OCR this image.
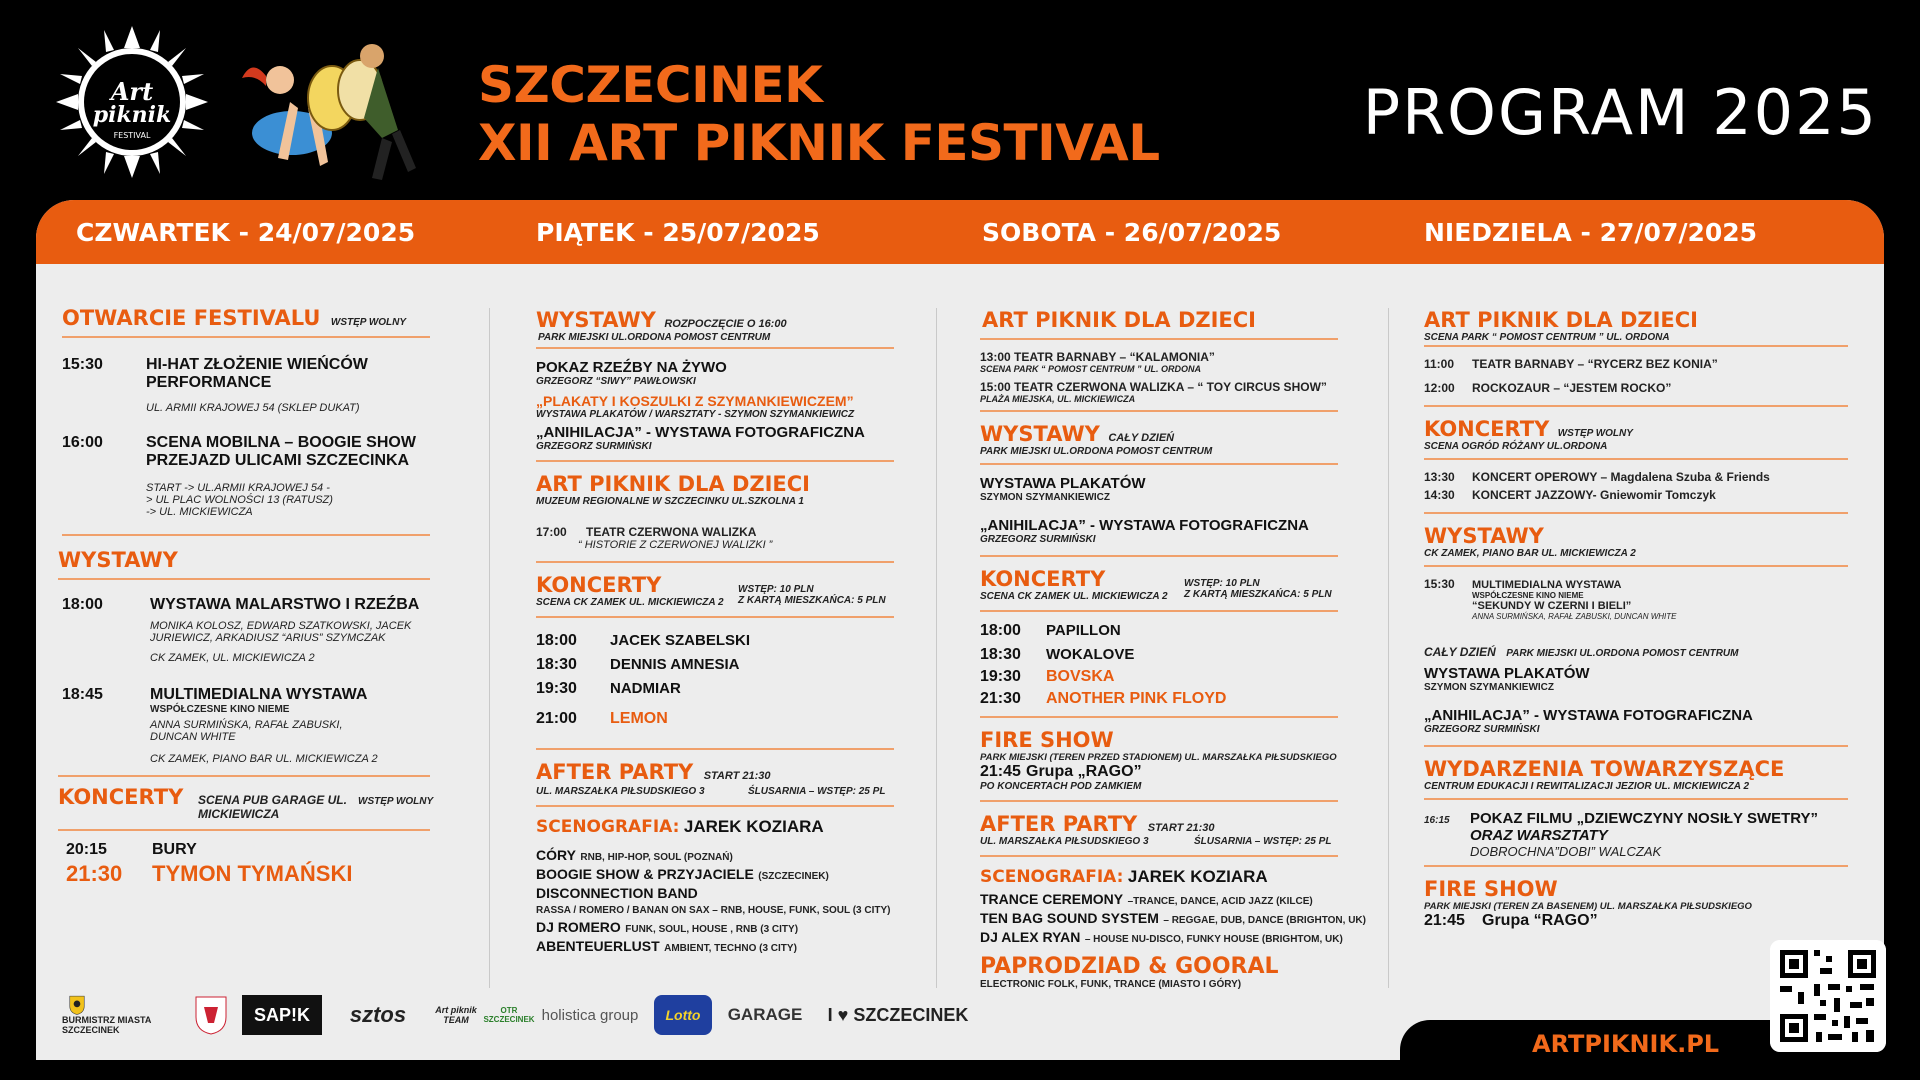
Art
piknik
FESTIVAL
SZCZECINEK
XII ART PIKNIK FESTIVAL	PROGRAM 2025
CZWARTEK - 24/07/2025	PIĄTEK - 25/07/2025	SOBOTA - 26/07/2025	NIEDZIELA - 27/07/2025
OTWARCIE FESTIVALU WSTĘP WOLNY
15:30	HI-HAT ZŁOŻENIE WIEŃCÓW PERFORMANCE
UL. ARMII KRAJOWEJ 54 (SKLEP DUKAT)
16:00	SCENA MOBILNA – BOOGIE SHOW PRZEJAZD ULICAMI SZCZECINKA
START -> UL.ARMII KRAJOWEJ 54 -> UL PLAC WOLNOŚCI 13 (RATUSZ) -> UL. MICKIEWICZA
WYSTAWY
18:00	WYSTAWA MALARSTWO I RZEŹBA
MONIKA KOLOSZ, EDWARD SZATKOWSKI, JACEK JURIEWICZ, ARKADIUSZ “ARIUS” SZYMCZAK
CK ZAMEK, UL. MICKIEWICZA 2
18:45	MULTIMEDIALNA WYSTAWA
WSPÓŁCZESNE KINO NIEME
ANNA SURMIŃSKA, RAFAŁ ZABUSKI, DUNCAN WHITE
CK ZAMEK, PIANO BAR UL. MICKIEWICZA 2
KONCERTY	SCENA PUB GARAGE UL. MICKIEWICZA
WSTĘP WOLNY
20:15	BURY
21:30	TYMON TYMAŃSKI
WYSTAWY ROZPOCZĘCIE O 16:00
PARK MIEJSKI UL.ORDONA POMOST CENTRUM
POKAZ RZEŹBY NA ŻYWO
GRZEGORZ “SIWY” PAWŁOWSKI
„PLAKATY I KOSZULKI Z SZYMANKIEWICZEM”
WYSTAWA PLAKATÓW / WARSZTATY - SZYMON SZYMANKIEWICZ
„ANIHILACJA” - WYSTAWA FOTOGRAFICZNA
GRZEGORZ SURMIŃSKI
ART PIKNIK DLA DZIECI
MUZEUM REGIONALNE W SZCZECINKU UL.SZKOLNA 1
17:00	TEATR CZERWONA WALIZKA
“ HISTORIE Z CZERWONEJ WALIZKI ”
KONCERTY
SCENA CK ZAMEK UL. MICKIEWICZA 2
WSTĘP: 10 PLN
Z KARTĄ MIESZKAŃCA: 5 PLN
18:00	JACEK SZABELSKI
18:30	DENNIS AMNESIA
19:30	NADMIAR
21:00	LEMON
AFTER PARTY START 21:30
UL. MARSZAŁKA PIŁSUDSKIEGO 3	ŚLUSARNIA – WSTĘP: 25 PL
SCENOGRAFIA: JAREK KOZIARA
CÓRY RNB, HIP-HOP, SOUL (POZNAŃ)
BOOGIE SHOW & PRZYJACIELE (SZCZECINEK)
DISCONNECTION BAND
RASSA / ROMERO / BANAN ON SAX – RNB, HOUSE, FUNK, SOUL (3 CITY)
DJ ROMERO FUNK, SOUL, HOUSE , RNB (3 CITY)
ABENTEUERLUST AMBIENT, TECHNO (3 CITY)
ART PIKNIK DLA DZIECI
13:00 TEATR BARNABY – “KALAMONIA”
SCENA PARK “ POMOST CENTRUM ” UL. ORDONA
15:00 TEATR CZERWONA WALIZKA – “ TOY CIRCUS SHOW”
PLAŻA MIEJSKA, UL. MICKIEWICZA
WYSTAWY CAŁY DZIEŃ
PARK MIEJSKI UL.ORDONA POMOST CENTRUM
WYSTAWA PLAKATÓW
SZYMON SZYMANKIEWICZ
„ANIHILACJA” - WYSTAWA FOTOGRAFICZNA
GRZEGORZ SURMIŃSKI
KONCERTY
SCENA CK ZAMEK UL. MICKIEWICZA 2
WSTĘP: 10 PLN
Z KARTĄ MIESZKAŃCA: 5 PLN
18:00	PAPILLON
18:30	WOKALOVE
19:30	BOVSKA
21:30	ANOTHER PINK FLOYD
FIRE SHOW
PARK MIEJSKI (TEREN PRZED STADIONEM) UL. MARSZAŁKA PIŁSUDSKIEGO
21:45 Grupa „RAGO”
PO KONCERTACH POD ZAMKIEM
AFTER PARTY START 21:30
UL. MARSZAŁKA PIŁSUDSKIEGO 3	ŚLUSARNIA – WSTĘP: 25 PL
SCENOGRAFIA: JAREK KOZIARA
TRANCE CEREMONY –TRANCE, DANCE, ACID JAZZ (KILCE)
TEN BAG SOUND SYSTEM – REGGAE, DUB, DANCE (BRIGHTON, UK)
DJ ALEX RYAN – HOUSE NU-DISCO, FUNKY HOUSE (BRIGHTOM, UK)
PAPRODZIAD & GOORAL
ELECTRONIC FOLK, FUNK, TRANCE (MIASTO I GÓRY)
ART PIKNIK DLA DZIECI
SCENA PARK “ POMOST CENTRUM ” UL. ORDONA
11:00	TEATR BARNABY – “RYCERZ BEZ KONIA”
12:00	ROCKOZAUR – “JESTEM ROCKO”
KONCERTY WSTĘP WOLNY
SCENA OGRÓD RÓŻANY UL.ORDONA
13:30	KONCERT OPEROWY – Magdalena Szuba & Friends
14:30	KONCERT JAZZOWY- Gniewomir Tomczyk
WYSTAWY
CK ZAMEK, PIANO BAR UL. MICKIEWICZA 2
15:30	MULTIMEDIALNA WYSTAWA
WSPÓŁCZESNE KINO NIEME
“SEKUNDY W CZERNI I BIELI”
ANNA SURMIŃSKA, RAFAŁ ZABUSKI, DUNCAN WHITE
CAŁY DZIEŃ PARK MIEJSKI UL.ORDONA POMOST CENTRUM
WYSTAWA PLAKATÓW
SZYMON SZYMANKIEWICZ
„ANIHILACJA” - WYSTAWA FOTOGRAFICZNA
GRZEGORZ SURMIŃSKI
WYDARZENIA TOWARZYSZĄCE
CENTRUM EDUKACJI I REWITALIZACJI JEZIOR UL. MICKIEWICZA 2
16:15	POKAZ FILMU „DZIEWCZYNY NOSIŁY SWETRY”
ORAZ WARSZTATY
DOBROCHNA”DOBI” WALCZAK
FIRE SHOW
PARK MIEJSKI (TEREN ZA BASENEM) UL. MARSZAŁKA PIŁSUDSKIEGO
21:45	Grupa “RAGO”
BURMISTRZ MIASTA SZCZECINEK
SAP!K	sztos	Art piknik TEAM
OTR SZCZECINEK holistica group	Lotto	GARAGE	I ♥ SZCZECINEK
ARTPIKNIK.PL
